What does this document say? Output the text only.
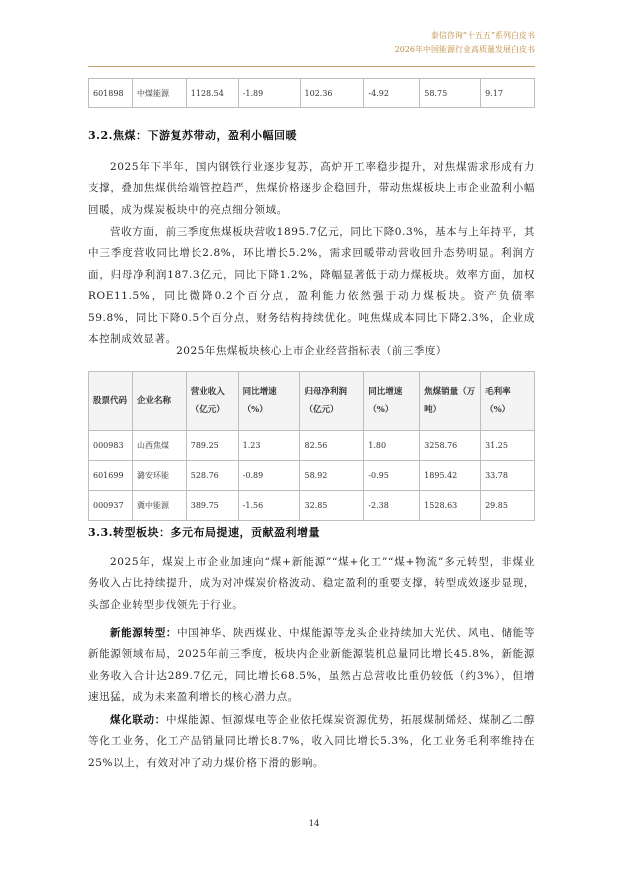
泰信咨询“十五五”系列白皮书
2026年中国能源行业高质量发展白皮书
601898	中煤能源	1128.54	-1.89	102.36	-4.92	58.75	9.17
3.2.焦煤：下游复苏带动，盈利小幅回暖

2025年下半年，国内钢铁行业逐步复苏，高炉开工率稳步提升，对焦煤需求形成有力支撑，叠加焦煤供给端管控趋严，焦煤价格逐步企稳回升，带动焦煤板块上市企业盈利小幅回暖，成为煤炭板块中的亮点细分领域。

营收方面，前三季度焦煤板块营收1895.7亿元，同比下降0.3%，基本与上年持平，其中三季度营收同比增长2.8%，环比增长5.2%，需求回暖带动营收回升态势明显。利润方面，归母净利润187.3亿元，同比下降1.2%，降幅显著低于动力煤板块。效率方面，加权ROE11.5%，同比微降0.2个百分点，盈利能力依然强于动力煤板块。资产负债率59.8%，同比下降0.5个百分点，财务结构持续优化。吨焦煤成本同比下降2.3%，企业成本控制成效显著。

2025年焦煤板块核心上市企业经营指标表（前三季度）
股票代码	企业名称	营业收入（亿元）	同比增速（%）	归母净利润（亿元）	同比增速（%）	焦煤销量（万吨）	毛利率（%）
000983	山西焦煤	789.25	1.23	82.56	1.80	3258.76	31.25
601699	潞安环能	528.76	-0.89	58.92	-0.95	1895.42	33.78
000937	冀中能源	389.75	-1.56	32.85	-2.38	1528.63	29.85
3.3.转型板块：多元布局提速，贡献盈利增量

2025年，煤炭上市企业加速向“煤+新能源”“煤+化工”“煤+物流”多元转型，非煤业务收入占比持续提升，成为对冲煤炭价格波动、稳定盈利的重要支撑，转型成效逐步显现，头部企业转型步伐领先于行业。

新能源转型：中国神华、陕西煤业、中煤能源等龙头企业持续加大光伏、风电、储能等新能源领域布局，2025年前三季度，板块内企业新能源装机总量同比增长45.8%，新能源业务收入合计达289.7亿元，同比增长68.5%，虽然占总营收比重仍较低（约3%），但增速迅猛，成为未来盈利增长的核心潜力点。

煤化联动：中煤能源、恒源煤电等企业依托煤炭资源优势，拓展煤制烯烃、煤制乙二醇等化工业务，化工产品销量同比增长8.7%，收入同比增长5.3%，化工业务毛利率维持在25%以上，有效对冲了动力煤价格下滑的影响。

14
